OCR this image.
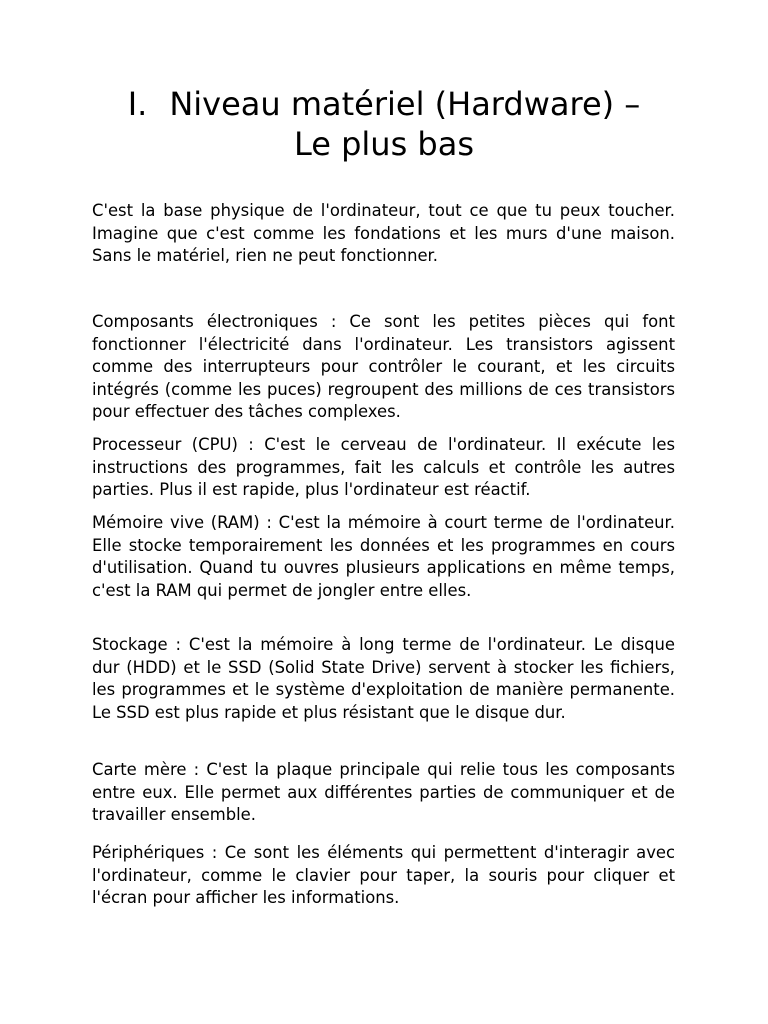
I. Niveau matériel (Hardware) –
Le plus bas

C'est la base physique de l'ordinateur, tout ce que tu peux toucher. Imagine que c'est comme les fondations et les murs d'une maison. Sans le matériel, rien ne peut fonctionner.

Composants électroniques : Ce sont les petites pièces qui font fonctionner l'électricité dans l'ordinateur. Les transistors agissent comme des interrupteurs pour contrôler le courant, et les circuits intégrés (comme les puces) regroupent des millions de ces transistors pour effectuer des tâches complexes.

Processeur (CPU) : C'est le cerveau de l'ordinateur. Il exécute les instructions des programmes, fait les calculs et contrôle les autres parties. Plus il est rapide, plus l'ordinateur est réactif.

Mémoire vive (RAM) : C'est la mémoire à court terme de l'ordinateur. Elle stocke temporairement les données et les programmes en cours d'utilisation. Quand tu ouvres plusieurs applications en même temps, c'est la RAM qui permet de jongler entre elles.

Stockage : C'est la mémoire à long terme de l'ordinateur. Le disque dur (HDD) et le SSD (Solid State Drive) servent à stocker les fichiers, les programmes et le système d'exploitation de manière permanente. Le SSD est plus rapide et plus résistant que le disque dur.

Carte mère : C'est la plaque principale qui relie tous les composants entre eux. Elle permet aux différentes parties de communiquer et de travailler ensemble.

Périphériques : Ce sont les éléments qui permettent d'interagir avec l'ordinateur, comme le clavier pour taper, la souris pour cliquer et l'écran pour afficher les informations.
